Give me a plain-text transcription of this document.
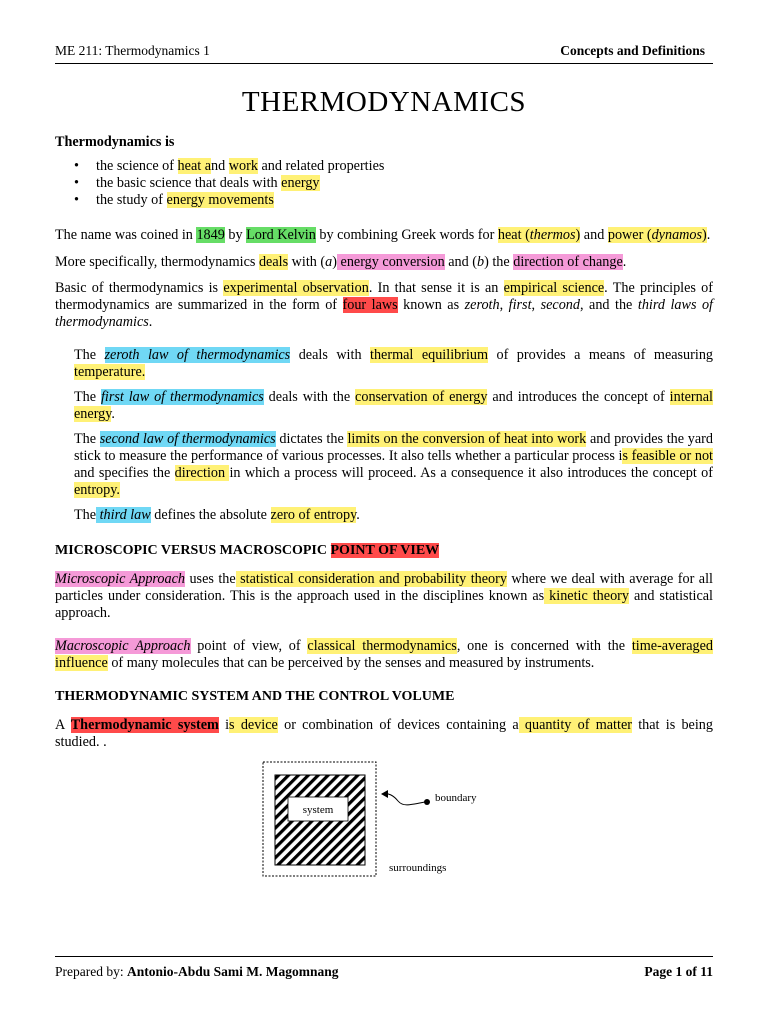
ME 211: Thermodynamics 1	Concepts and Definitions
THERMODYNAMICS

Thermodynamics is

• the science of heat and work and related properties
• the basic science that deals with energy
• the study of energy movements

The name was coined in 1849 by Lord Kelvin by combining Greek words for heat (thermos) and power (dynamos).

More specifically, thermodynamics deals with (a) energy conversion and (b) the direction of change.

Basic of thermodynamics is experimental observation. In that sense it is an empirical science. The principles of thermodynamics are summarized in the form of four laws known as zeroth, first, second, and the third laws of thermodynamics.

The zeroth law of thermodynamics deals with thermal equilibrium of provides a means of measuring temperature.

The first law of thermodynamics deals with the conservation of energy and introduces the concept of internal energy.

The second law of thermodynamics dictates the limits on the conversion of heat into work and provides the yard stick to measure the performance of various processes. It also tells whether a particular process is feasible or not and specifies the direction in which a process will proceed. As a consequence it also introduces the concept of entropy.

The third law defines the absolute zero of entropy.

MICROSCOPIC VERSUS MACROSCOPIC POINT OF VIEW

Microscopic Approach uses the statistical consideration and probability theory where we deal with average for all particles under consideration. This is the approach used in the disciplines known as kinetic theory and statistical approach.

Macroscopic Approach point of view, of classical thermodynamics, one is concerned with the time-averaged influence of many molecules that can be perceived by the senses and measured by instruments.

THERMODYNAMIC SYSTEM AND THE CONTROL VOLUME

A Thermodynamic system is device or combination of devices containing a quantity of matter that is being studied. .

system
boundary
surroundings
Prepared by: Antonio-Abdu Sami M. Magomnang	Page 1 of 11
